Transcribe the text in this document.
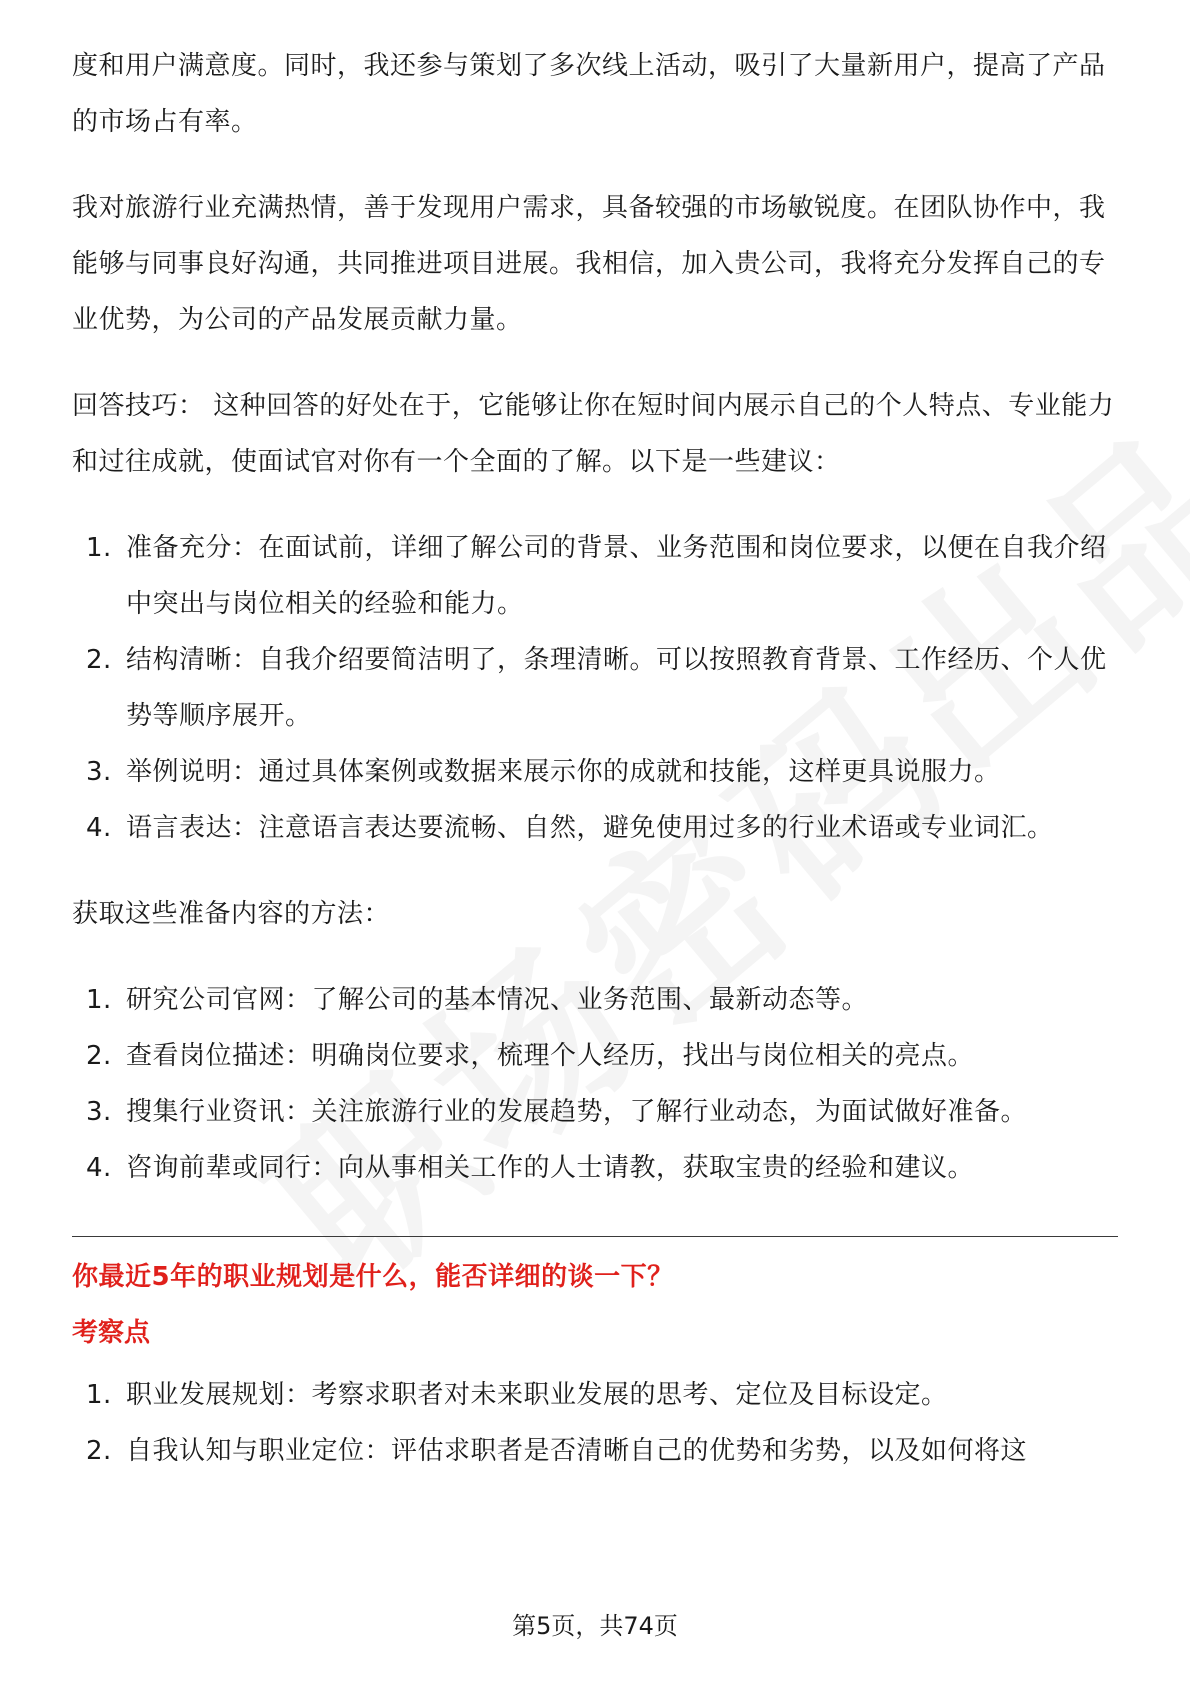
度和用户满意度。同时，我还参与策划了多次线上活动，吸引了大量新用户，提高了产品的市场占有率。

我对旅游行业充满热情，善于发现用户需求，具备较强的市场敏锐度。在团队协作中，我能够与同事良好沟通，共同推进项目进展。我相信，加入贵公司，我将充分发挥自己的专业优势，为公司的产品发展贡献力量。

回答技巧： 这种回答的好处在于，它能够让你在短时间内展示自己的个人特点、专业能力和过往成就，使面试官对你有一个全面的了解。以下是一些建议：

1. 准备充分：在面试前，详细了解公司的背景、业务范围和岗位要求，以便在自我介绍中突出与岗位相关的经验和能力。
2. 结构清晰：自我介绍要简洁明了，条理清晰。可以按照教育背景、工作经历、个人优势等顺序展开。
3. 举例说明：通过具体案例或数据来展示你的成就和技能，这样更具说服力。
4. 语言表达：注意语言表达要流畅、自然，避免使用过多的行业术语或专业词汇。

获取这些准备内容的方法：

1. 研究公司官网：了解公司的基本情况、业务范围、最新动态等。
2. 查看岗位描述：明确岗位要求，梳理个人经历，找出与岗位相关的亮点。
3. 搜集行业资讯：关注旅游行业的发展趋势，了解行业动态，为面试做好准备。
4. 咨询前辈或同行：向从事相关工作的人士请教，获取宝贵的经验和建议。

你最近5年的职业规划是什么，能否详细的谈一下？

考察点

1. 职业发展规划：考察求职者对未来职业发展的思考、定位及目标设定。
2. 自我认知与职业定位：评估求职者是否清晰自己的优势和劣势，以及如何将这
第5页，共74页
